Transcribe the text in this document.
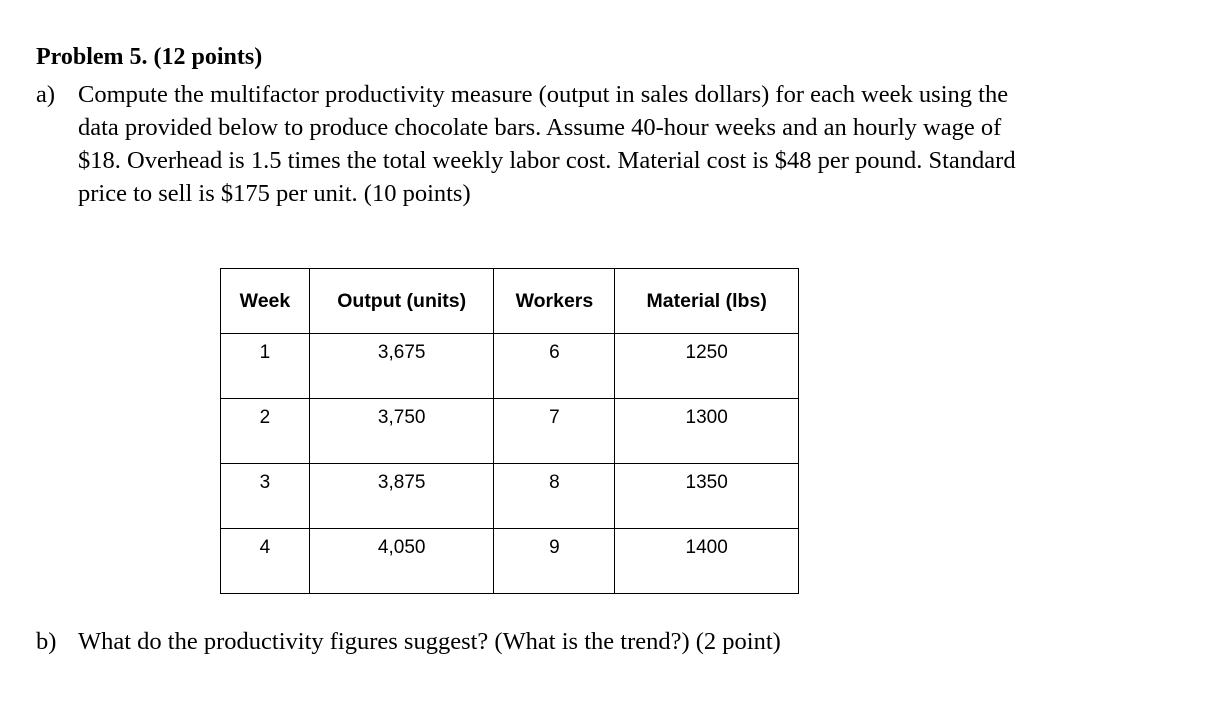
Problem 5. (12 points)
a) Compute the multifactor productivity measure (output in sales dollars) for each week using the
data provided below to produce chocolate bars. Assume 40-hour weeks and an hourly wage of
$18. Overhead is 1.5 times the total weekly labor cost. Material cost is $48 per pound. Standard
price to sell is $175 per unit. (10 points)
Week	Output (units)	Workers	Material (lbs)
1	3,675	6	1250
2	3,750	7	1300
3	3,875	8	1350
4	4,050	9	1400
b) What do the productivity figures suggest? (What is the trend?) (2 point)
